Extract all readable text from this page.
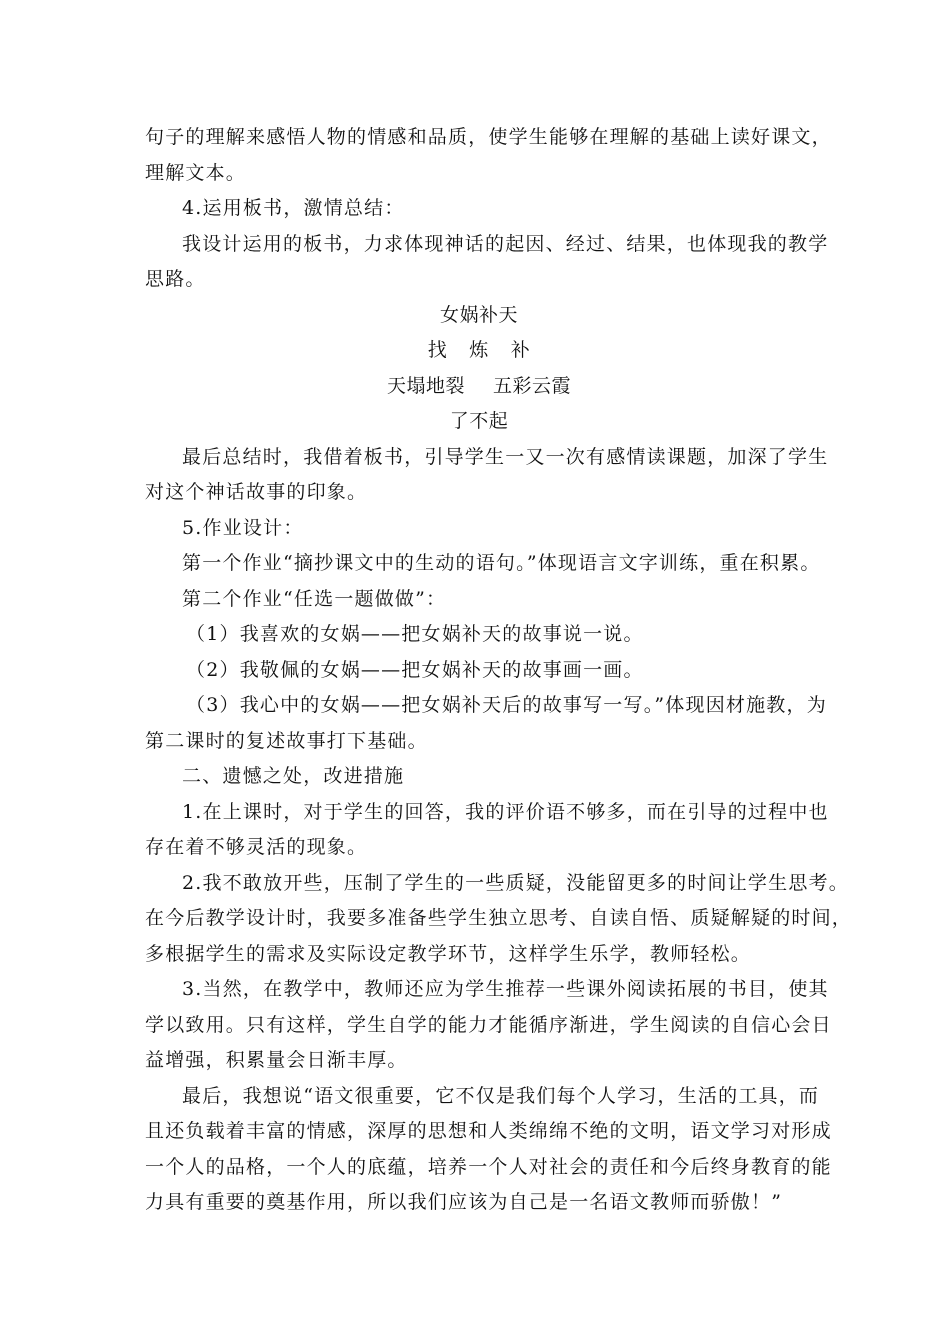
句子的理解来感悟人物的情感和品质，使学生能够在理解的基础上读好课文，
理解文本。
4.运用板书，激情总结：
我设计运用的板书，力求体现神话的起因、经过、结果，也体现我的教学
思路。
女娲补天
找 炼 补
天塌地裂 五彩云霞
了不起
最后总结时，我借着板书，引导学生一又一次有感情读课题，加深了学生
对这个神话故事的印象。
5.作业设计：
第一个作业“摘抄课文中的生动的语句。”体现语言文字训练，重在积累。
第二个作业“任选一题做做”：
（1）我喜欢的女娲——把女娲补天的故事说一说。
（2）我敬佩的女娲——把女娲补天的故事画一画。
（3）我心中的女娲——把女娲补天后的故事写一写。”体现因材施教，为
第二课时的复述故事打下基础。
二、遗憾之处，改进措施
1.在上课时，对于学生的回答，我的评价语不够多，而在引导的过程中也
存在着不够灵活的现象。
2.我不敢放开些，压制了学生的一些质疑，没能留更多的时间让学生思考。
在今后教学设计时，我要多准备些学生独立思考、自读自悟、质疑解疑的时间，
多根据学生的需求及实际设定教学环节，这样学生乐学，教师轻松。
3.当然，在教学中，教师还应为学生推荐一些课外阅读拓展的书目，使其
学以致用。只有这样，学生自学的能力才能循序渐进，学生阅读的自信心会日
益增强，积累量会日渐丰厚。
最后，我想说“语文很重要，它不仅是我们每个人学习，生活的工具，而
且还负载着丰富的情感，深厚的思想和人类绵绵不绝的文明，语文学习对形成
一个人的品格，一个人的底蕴，培养一个人对社会的责任和今后终身教育的能
力具有重要的奠基作用，所以我们应该为自己是一名语文教师而骄傲！”
